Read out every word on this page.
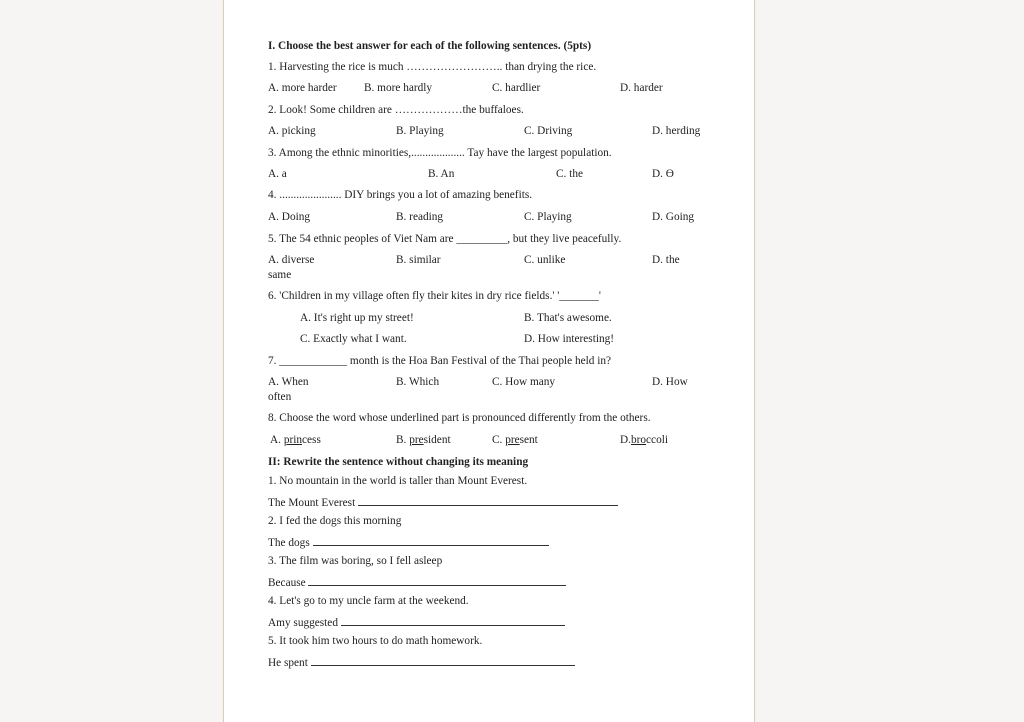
I. Choose the best answer for each of the following sentences. (5pts)
1. Harvesting the rice is much …………………….. than drying the rice.
A. more harder B. more hardly	C. hardlier	D. harder
2. Look! Some children are ………………the buffaloes.
A. picking	B. Playing	C. Driving	D. herding
3. Among the ethnic minorities,................... Tay have the largest population.
A. a	B. An	C. the	D. Ɵ
4. ...................... DIY brings you a lot of amazing benefits.
A. Doing	B. reading	C. Playing	D. Going
5. The 54 ethnic peoples of Viet Nam are _________, but they live peacefully.
A. diverse	B. similar	C. unlike	D. the
same
6. 'Children in my village often fly their kites in dry rice fields.' '_______'
A. It's right up my street!	B. That's awesome.
C. Exactly what I want.	D. How interesting!
7. ____________ month is the Hoa Ban Festival of the Thai people held in?
A. When	B. Which	C. How many	D. How
often
8. Choose the word whose underlined part is pronounced differently from the others.
A. princess	B. president	C. present	D.broccoli
II: Rewrite the sentence without changing its meaning
1. No mountain in the world is taller than Mount Everest.
The Mount Everest
2. I fed the dogs this morning
The dogs
3. The film was boring, so I fell asleep
Because
4. Let's go to my uncle farm at the weekend.
Amy suggested
5. It took him two hours to do math homework.
He spent
